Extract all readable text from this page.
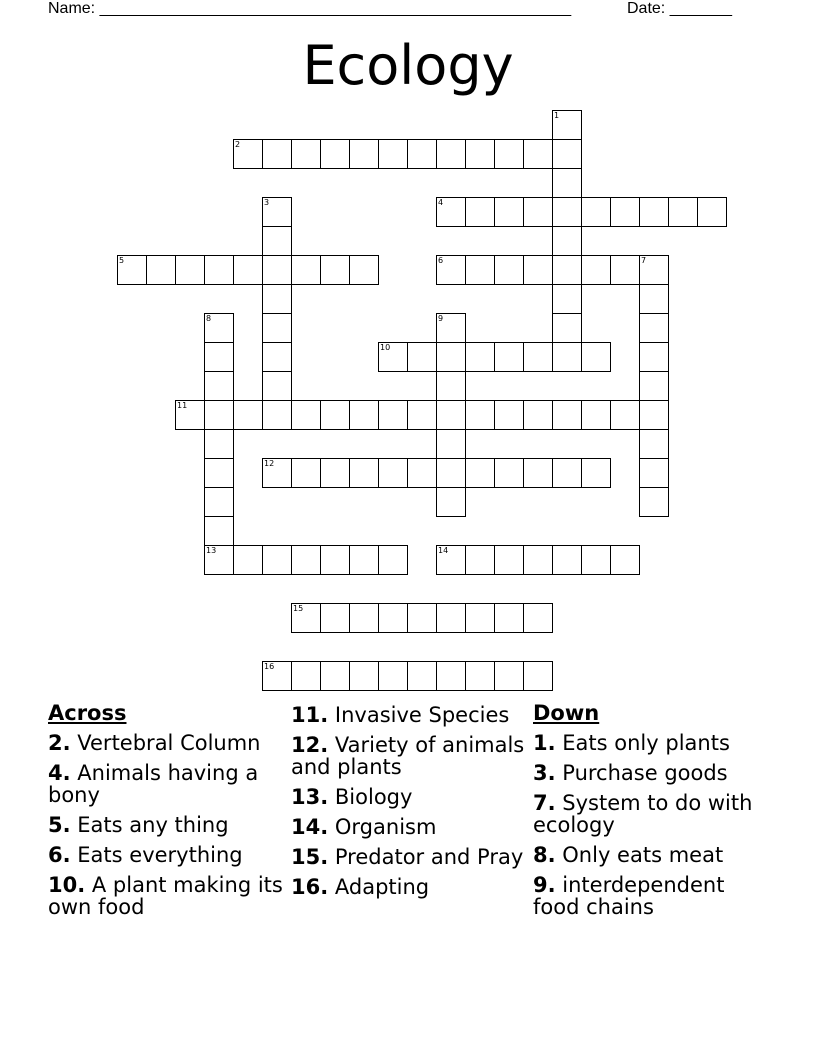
Name: _____________________________________________________	Date: _______
Ecology
1
2
3	4
5	6	7
8
13
9
10
11
12
14
15
16
Across
2. Vertebral Column
4. Animals having a bony
5. Eats any thing
6. Eats everything
10. A plant making its own food
11. Invasive Species
12. Variety of animals and plants
13. Biology
14. Organism
15. Predator and Pray
16. Adapting
Down
1. Eats only plants
3. Purchase goods
7. System to do with ecology
8. Only eats meat
9. interdependent food chains
